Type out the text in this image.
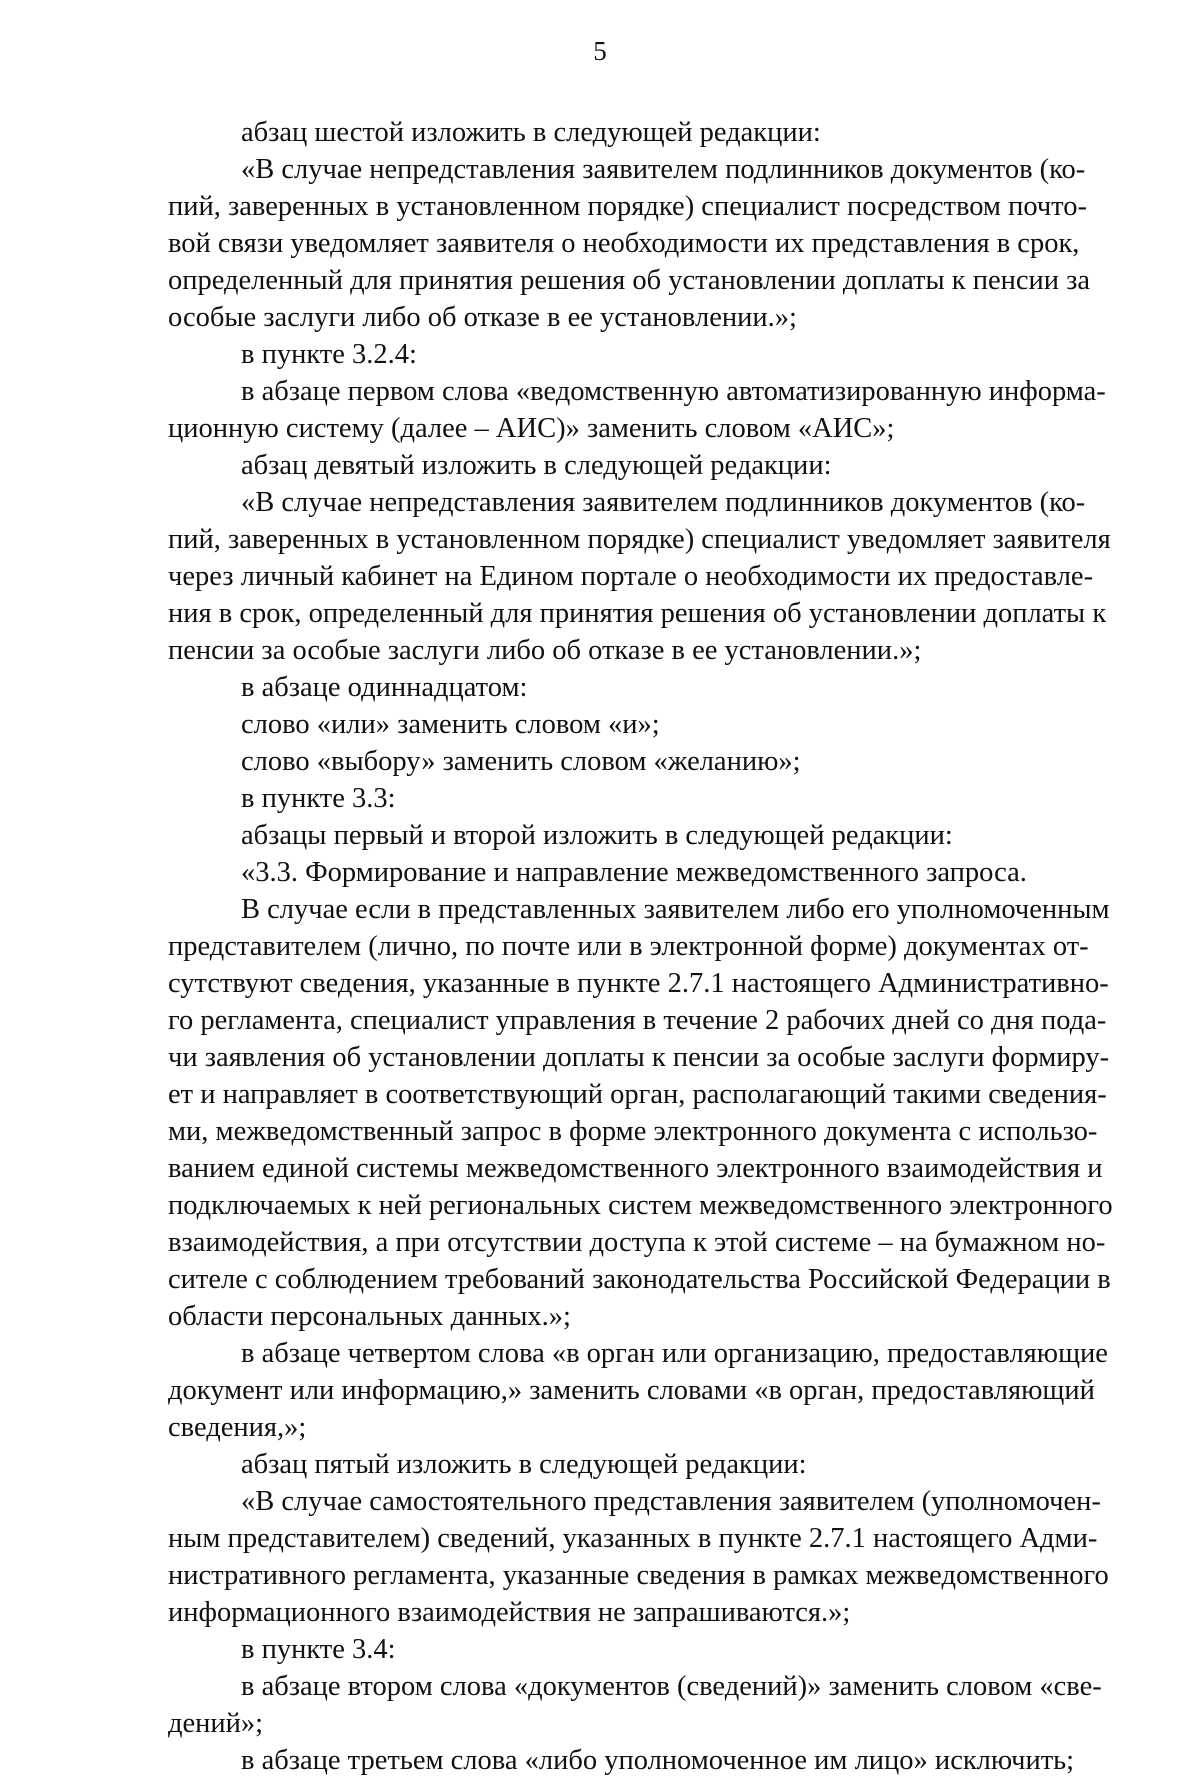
5

абзац шестой изложить в следующей редакции:

«В случае непредставления заявителем подлинников документов (ко-
пий, заверенных в установленном порядке) специалист посредством почто-
вой связи уведомляет заявителя о необходимости их представления в срок,
определенный для принятия решения об установлении доплаты к пенсии за
особые заслуги либо об отказе в ее установлении.»;

в пункте 3.2.4:

в абзаце первом слова «ведомственную автоматизированную информа-
ционную систему (далее – АИС)» заменить словом «АИС»;

абзац девятый изложить в следующей редакции:

«В случае непредставления заявителем подлинников документов (ко-
пий, заверенных в установленном порядке) специалист уведомляет заявителя
через личный кабинет на Едином портале о необходимости их предоставле-
ния в срок, определенный для принятия решения об установлении доплаты к
пенсии за особые заслуги либо об отказе в ее установлении.»;

в абзаце одиннадцатом:

слово «или» заменить словом «и»;

слово «выбору» заменить словом «желанию»;

в пункте 3.3:

абзацы первый и второй изложить в следующей редакции:

«3.3. Формирование и направление межведомственного запроса.

В случае если в представленных заявителем либо его уполномоченным
представителем (лично, по почте или в электронной форме) документах от-
сутствуют сведения, указанные в пункте 2.7.1 настоящего Административно-
го регламента, специалист управления в течение 2 рабочих дней со дня пода-
чи заявления об установлении доплаты к пенсии за особые заслуги формиру-
ет и направляет в соответствующий орган, располагающий такими сведения-
ми, межведомственный запрос в форме электронного документа с использо-
ванием единой системы межведомственного электронного взаимодействия и
подключаемых к ней региональных систем межведомственного электронного
взаимодействия, а при отсутствии доступа к этой системе – на бумажном но-
сителе с соблюдением требований законодательства Российской Федерации в
области персональных данных.»;

в абзаце четвертом слова «в орган или организацию, предоставляющие
документ или информацию,» заменить словами «в орган, предоставляющий
сведения,»;

абзац пятый изложить в следующей редакции:

«В случае самостоятельного представления заявителем (уполномочен-
ным представителем) сведений, указанных в пункте 2.7.1 настоящего Адми-
нистративного регламента, указанные сведения в рамках межведомственного
информационного взаимодействия не запрашиваются.»;

в пункте 3.4:

в абзаце втором слова «документов (сведений)» заменить словом «све-
дений»;

в абзаце третьем слова «либо уполномоченное им лицо» исключить;
